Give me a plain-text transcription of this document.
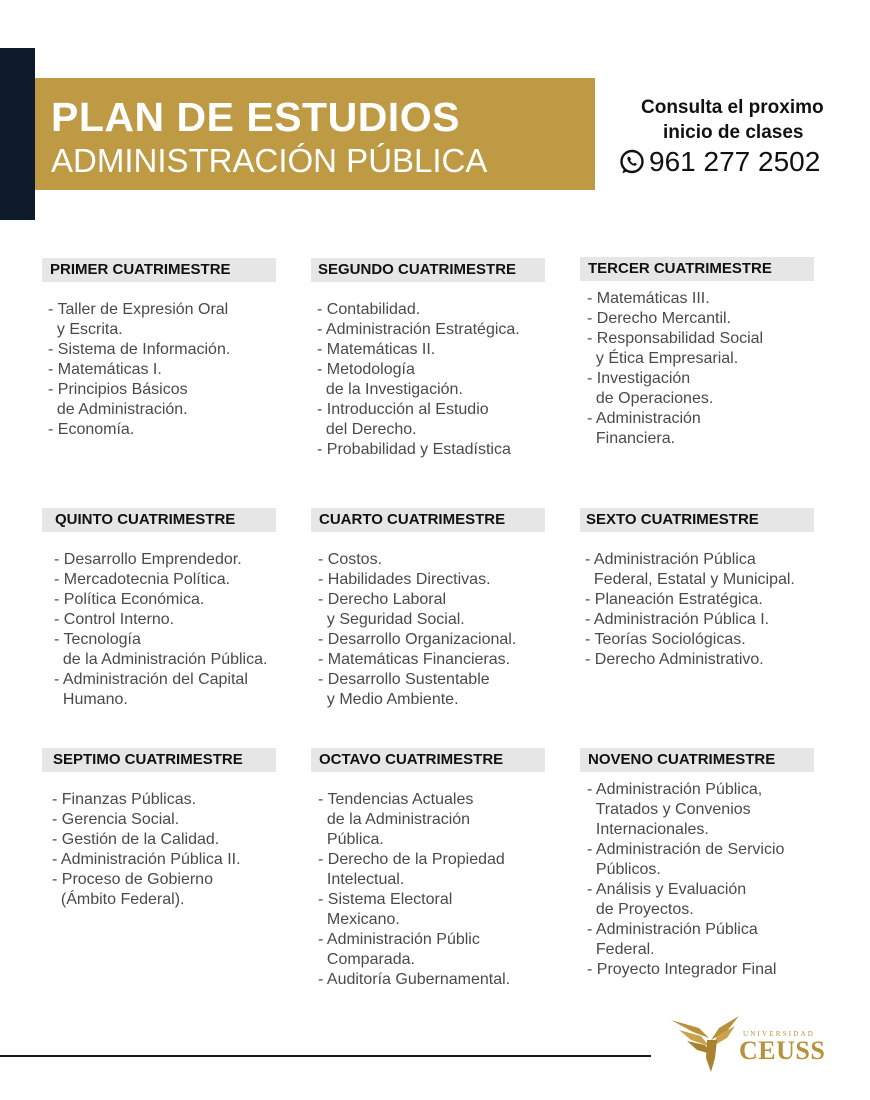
PLAN DE ESTUDIOS
ADMINISTRACIÓN PÚBLICA
Consulta el proximo
inicio de clases
961 277 2502
PRIMER CUATRIMESTRE
- Taller de Expresión Oral
y Escrita.
- Sistema de Información.
- Matemáticas I.
- Principios Básicos
de Administración.
- Economía.
SEGUNDO CUATRIMESTRE
- Contabilidad.
- Administración Estratégica.
- Matemáticas II.
- Metodología
de la Investigación.
- Introducción al Estudio
del Derecho.
- Probabilidad y Estadística
TERCER CUATRIMESTRE
- Matemáticas III.
- Derecho Mercantil.
- Responsabilidad Social
y Ética Empresarial.
- Investigación
de Operaciones.
- Administración
Financiera.
QUINTO CUATRIMESTRE
- Desarrollo Emprendedor.
- Mercadotecnia Política.
- Política Económica.
- Control Interno.
- Tecnología
de la Administración Pública.
- Administración del Capital
Humano.
CUARTO CUATRIMESTRE
- Costos.
- Habilidades Directivas.
- Derecho Laboral
y Seguridad Social.
- Desarrollo Organizacional.
- Matemáticas Financieras.
- Desarrollo Sustentable
y Medio Ambiente.
SEXTO CUATRIMESTRE
- Administración Pública
Federal, Estatal y Municipal.
- Planeación Estratégica.
- Administración Pública I.
- Teorías Sociológicas.
- Derecho Administrativo.
SEPTIMO CUATRIMESTRE
- Finanzas Públicas.
- Gerencia Social.
- Gestión de la Calidad.
- Administración Pública II.
- Proceso de Gobierno
(Ámbito Federal).
OCTAVO CUATRIMESTRE
- Tendencias Actuales
de la Administración
Pública.
- Derecho de la Propiedad
Intelectual.
- Sistema Electoral
Mexicano.
- Administración Públic
Comparada.
- Auditoría Gubernamental.
NOVENO CUATRIMESTRE
- Administración Pública,
Tratados y Convenios
Internacionales.
- Administración de Servicio
Públicos.
- Análisis y Evaluación
de Proyectos.
- Administración Pública
Federal.
- Proyecto Integrador Final
UNIVERSIDAD
CEUSS
